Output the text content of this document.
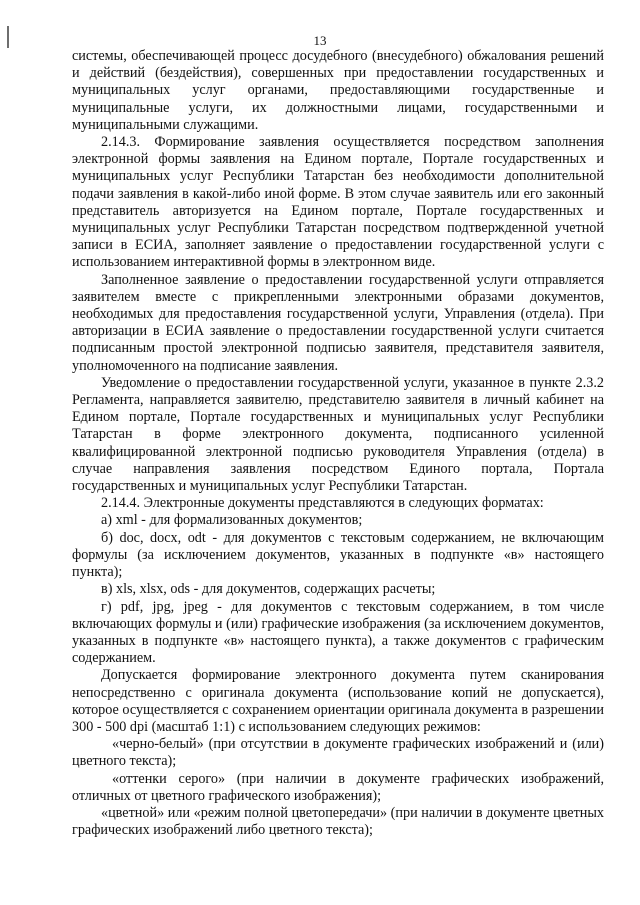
13

системы, обеспечивающей процесс досудебного (внесудебного) обжалования решений и действий (бездействия), совершенных при предоставлении государственных и муниципальных услуг органами, предоставляющими государственные и муниципальные услуги, их должностными лицами, государственными и муниципальными служащими.

2.14.3. Формирование заявления осуществляется посредством заполнения электронной формы заявления на Едином портале, Портале государственных и муниципальных услуг Республики Татарстан без необходимости дополнительной подачи заявления в какой-либо иной форме. В этом случае заявитель или его законный представитель авторизуется на Едином портале, Портале государственных и муниципальных услуг Республики Татарстан посредством подтвержденной учетной записи в ЕСИА, заполняет заявление о предоставлении государственной услуги с использованием интерактивной формы в электронном виде.

Заполненное заявление о предоставлении государственной услуги отправляется заявителем вместе с прикрепленными электронными образами документов, необходимых для предоставления государственной услуги, Управления (отдела). При авторизации в ЕСИА заявление о предоставлении государственной услуги считается подписанным простой электронной подписью заявителя, представителя заявителя, уполномоченного на подписание заявления.

Уведомление о предоставлении государственной услуги, указанное в пункте 2.3.2 Регламента, направляется заявителю, представителю заявителя в личный кабинет на Едином портале, Портале государственных и муниципальных услуг Республики Татарстан в форме электронного документа, подписанного усиленной квалифицированной электронной подписью руководителя Управления (отдела) в случае направления заявления посредством Единого портала, Портала государственных и муниципальных услуг Республики Татарстан.

2.14.4. Электронные документы представляются в следующих форматах:

а) xml - для формализованных документов;

б) doc, docx, odt - для документов с текстовым содержанием, не включающим формулы (за исключением документов, указанных в подпункте «в» настоящего пункта);

в) xls, xlsx, ods - для документов, содержащих расчеты;

г) pdf, jpg, jpeg - для документов с текстовым содержанием, в том числе включающих формулы и (или) графические изображения (за исключением документов, указанных в подпункте «в» настоящего пункта), а также документов с графическим содержанием.

Допускается формирование электронного документа путем сканирования непосредственно с оригинала документа (использование копий не допускается), которое осуществляется с сохранением ориентации оригинала документа в разрешении 300 - 500 dpi (масштаб 1:1) с использованием следующих режимов:

«черно-белый» (при отсутствии в документе графических изображений и (или) цветного текста);

«оттенки серого» (при наличии в документе графических изображений, отличных от цветного графического изображения);

«цветной» или «режим полной цветопередачи» (при наличии в документе цветных графических изображений либо цветного текста);
